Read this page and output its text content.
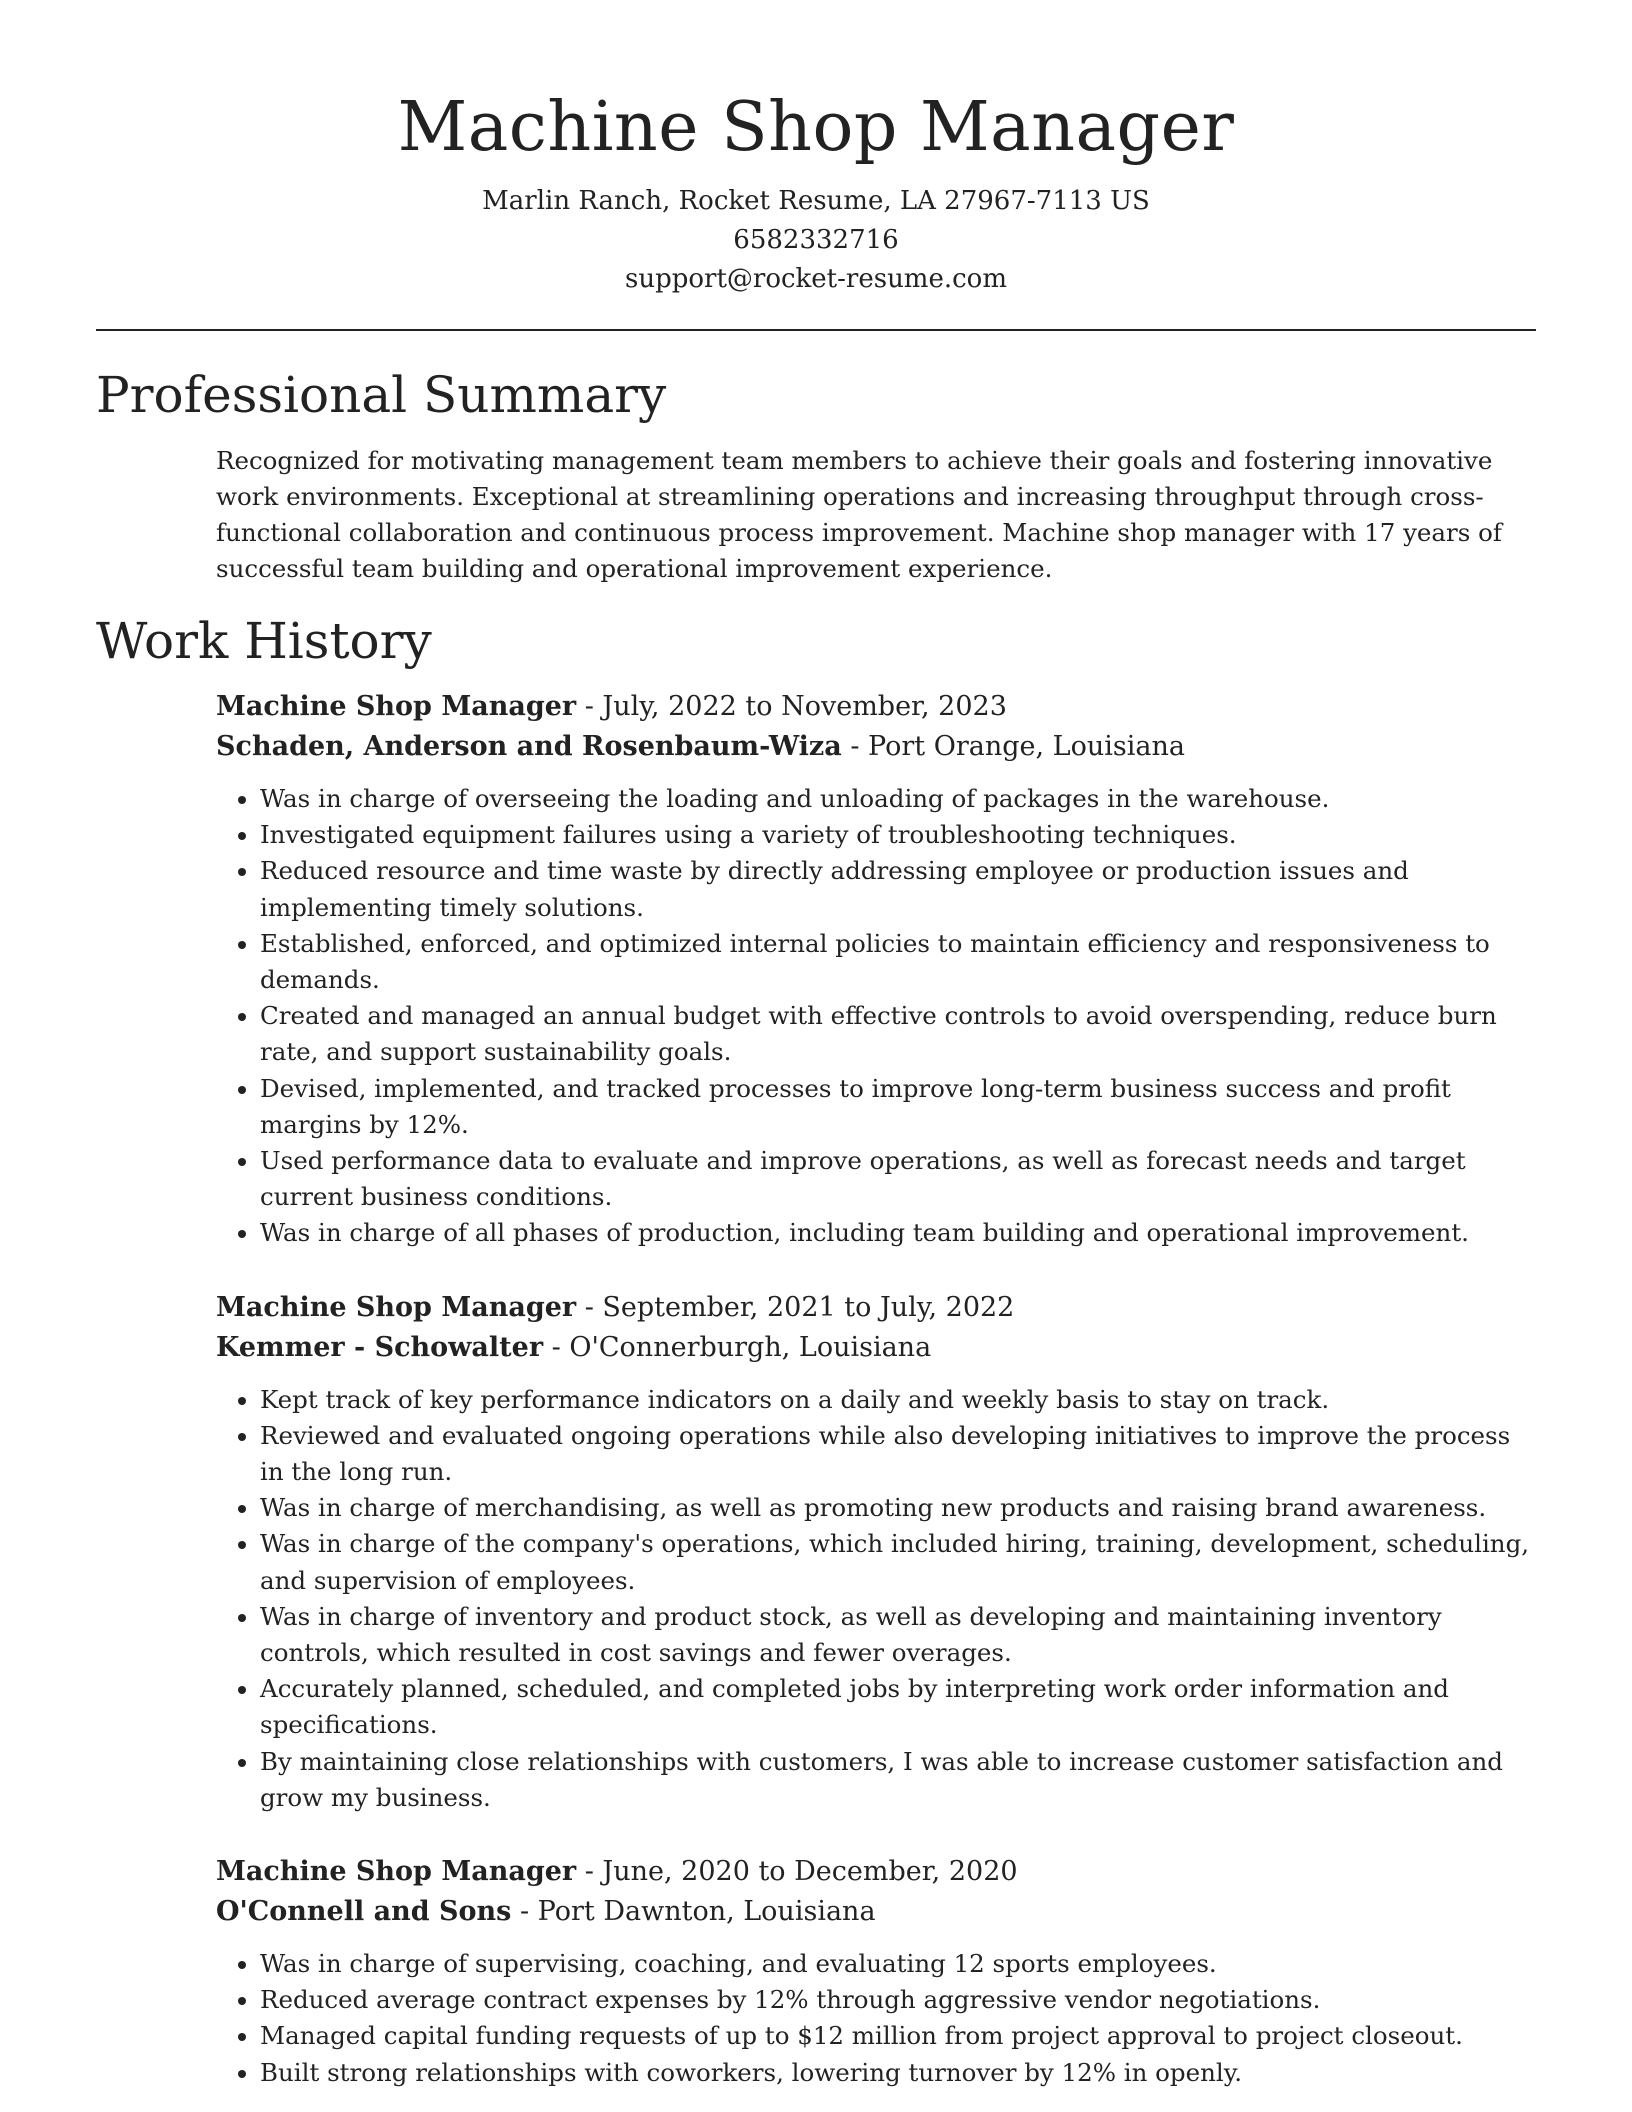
Machine Shop Manager
Marlin Ranch, Rocket Resume, LA 27967-7113 US
6582332716
support@rocket-resume.com
Professional Summary

Recognized for motivating management team members to achieve their goals and fostering innovative work environments. Exceptional at streamlining operations and increasing throughput through cross-functional collaboration and continuous process improvement. Machine shop manager with 17 years of successful team building and operational improvement experience.

Work History
Machine Shop Manager - July, 2022 to November, 2023
Schaden, Anderson and Rosenbaum-Wiza - Port Orange, Louisiana
• Was in charge of overseeing the loading and unloading of packages in the warehouse.
• Investigated equipment failures using a variety of troubleshooting techniques.
• Reduced resource and time waste by directly addressing employee or production issues and implementing timely solutions.
• Established, enforced, and optimized internal policies to maintain efficiency and responsiveness to demands.
• Created and managed an annual budget with effective controls to avoid overspending, reduce burn rate, and support sustainability goals.
• Devised, implemented, and tracked processes to improve long-term business success and profit margins by 12%.
• Used performance data to evaluate and improve operations, as well as forecast needs and target current business conditions.
• Was in charge of all phases of production, including team building and operational improvement.
Machine Shop Manager - September, 2021 to July, 2022
Kemmer - Schowalter - O'Connerburgh, Louisiana
• Kept track of key performance indicators on a daily and weekly basis to stay on track.
• Reviewed and evaluated ongoing operations while also developing initiatives to improve the process in the long run.
• Was in charge of merchandising, as well as promoting new products and raising brand awareness.
• Was in charge of the company's operations, which included hiring, training, development, scheduling, and supervision of employees.
• Was in charge of inventory and product stock, as well as developing and maintaining inventory controls, which resulted in cost savings and fewer overages.
• Accurately planned, scheduled, and completed jobs by interpreting work order information and specifications.
• By maintaining close relationships with customers, I was able to increase customer satisfaction and grow my business.
Machine Shop Manager - June, 2020 to December, 2020
O'Connell and Sons - Port Dawnton, Louisiana
• Was in charge of supervising, coaching, and evaluating 12 sports employees.
• Reduced average contract expenses by 12% through aggressive vendor negotiations.
• Managed capital funding requests of up to $12 million from project approval to project closeout.
• Built strong relationships with coworkers, lowering turnover by 12% in openly.
